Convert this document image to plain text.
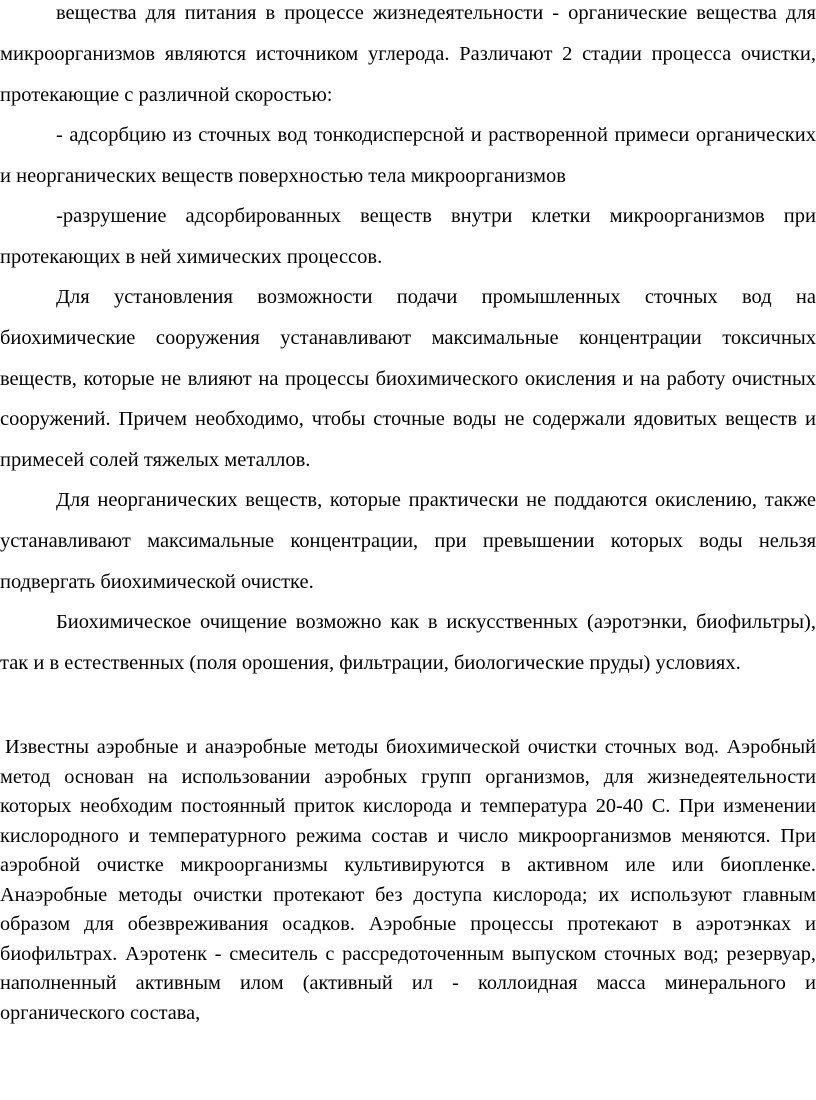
вещества для питания в процессе жизнедеятельности - органические вещества для микроорганизмов являются источником углерода. Различают 2 стадии процесса очистки, протекающие с различной скоростью:

- адсорбцию из сточных вод тонкодисперсной и растворенной примеси органических и неорганических веществ поверхностью тела микроорганизмов

-разрушение адсорбированных веществ внутри клетки микроорганизмов при протекающих в ней химических процессов.

Для установления возможности подачи промышленных сточных вод на биохимические сооружения устанавливают максимальные концентрации токсичных веществ, которые не влияют на процессы биохимического окисления и на работу очистных сооружений. Причем необходимо, чтобы сточные воды не содержали ядовитых веществ и примесей солей тяжелых металлов.

Для неорганических веществ, которые практически не поддаются окислению, также устанавливают максимальные концентрации, при превышении которых воды нельзя подвергать биохимической очистке.

Биохимическое очищение возможно как в искусственных (аэротэнки, биофильтры), так и в естественных (поля орошения, фильтрации, биологические пруды) условиях.

Известны аэробные и анаэробные методы биохимической очистки сточных вод. Аэробный метод основан на использовании аэробных групп организмов, для жизнедеятельности которых необходим постоянный приток кислорода и температура 20-40 С. При изменении кислородного и температурного режима состав и число микроорганизмов меняются. При аэробной очистке микроорганизмы культивируются в активном иле или биопленке. Анаэробные методы очистки протекают без доступа кислорода; их используют главным образом для обезвреживания осадков. Аэробные процессы протекают в аэротэнках и биофильтрах. Аэротенк - смеситель с рассредоточенным выпуском сточных вод; резервуар, наполненный активным илом (активный ил - коллоидная масса минерального и органического состава,
